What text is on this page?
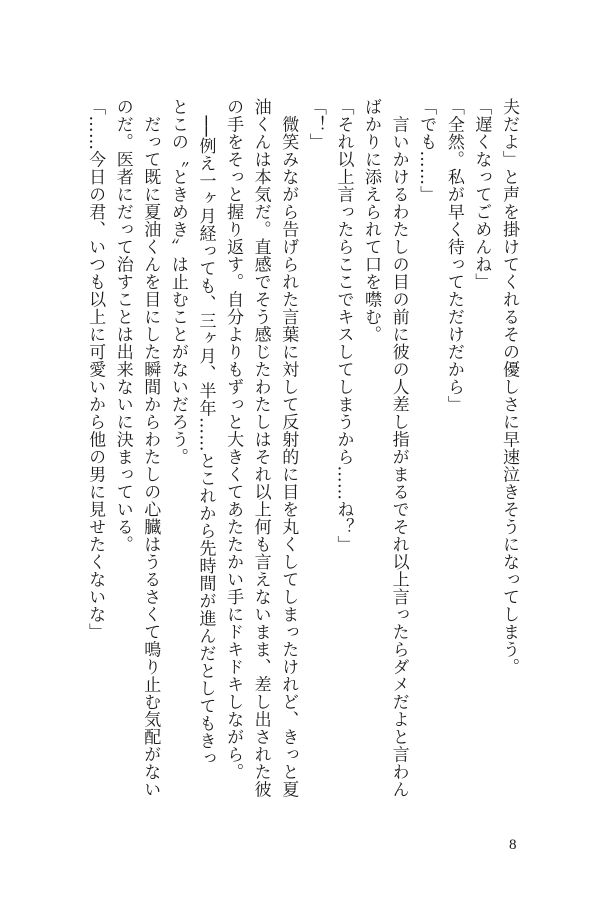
夫だよ」と声を掛けてくれるその優しさに早速泣きそうになってしまう。
「遅くなってごめんね」
「全然。私が早く待ってただけだから」
「でも……」
　言いかけるわたしの目の前に彼の人差し指がまるでそれ以上言ったらダメだよと言わん
ばかりに添えられて口を噤む。
「それ以上言ったらここでキスしてしまうから……ね？」
「！」
　微笑みながら告げられた言葉に対して反射的に目を丸くしてしまったけれど、きっと夏
油くんは本気だ。直感でそう感じたわたしはそれ以上何も言えないまま、差し出された彼
の手をそっと握り返す。自分よりもずっと大きくてあたたかい手にドキドキしながら。
　──例え一ヶ月経っても、三ヶ月、半年……とこれから先時間が進んだとしてもきっ
とこの〝ときめき〟は止むことがないだろう。
　だって既に夏油くんを目にした瞬間からわたしの心臓はうるさくて鳴り止む気配がない
のだ。医者にだって治すことは出来ないに決まっている。
「……今日の君、いつも以上に可愛いから他の男に見せたくないな」
8
